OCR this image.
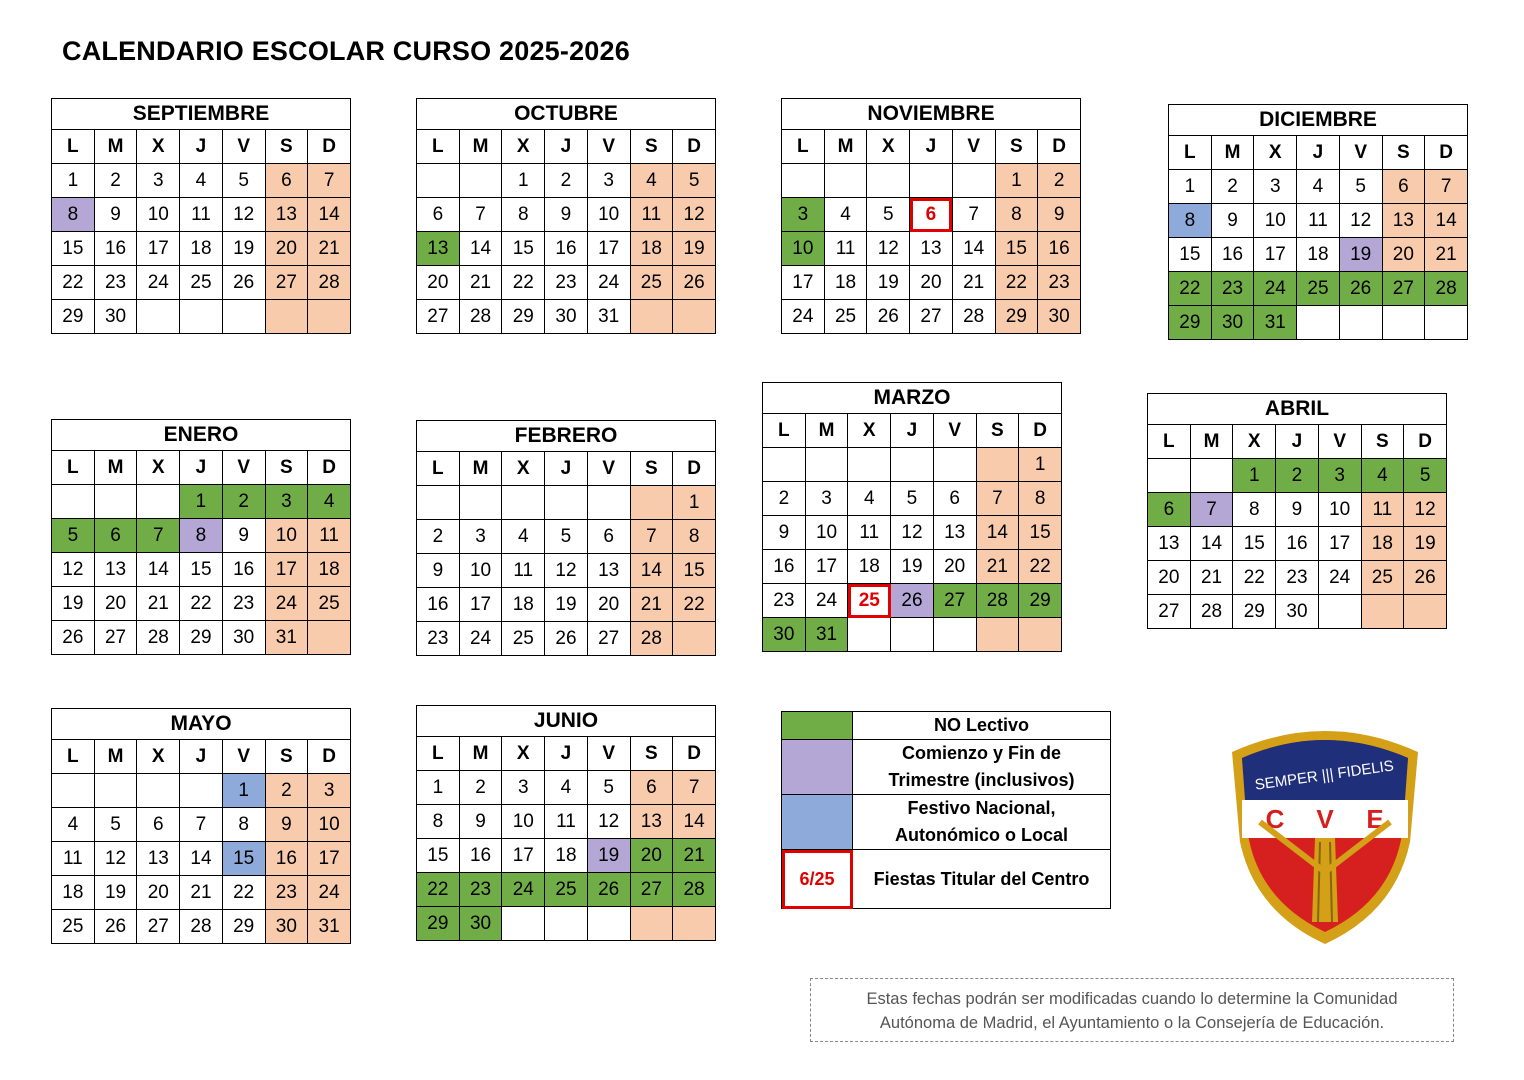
CALENDARIO ESCOLAR CURSO 2025-2026
SEPTIEMBRE						
L	M	X	J	V	S	D
1	2	3	4	5	6	7
8	9	10	11	12	13	14
15	16	17	18	19	20	21
22	23	24	25	26	27	28
29	30					
OCTUBRE						
L	M	X	J	V	S	D
		1	2	3	4	5
6	7	8	9	10	11	12
13	14	15	16	17	18	19
20	21	22	23	24	25	26
27	28	29	30	31		
NOVIEMBRE						
L	M	X	J	V	S	D
					1	2
3	4	5	6	7	8	9
10	11	12	13	14	15	16
17	18	19	20	21	22	23
24	25	26	27	28	29	30
DICIEMBRE						
L	M	X	J	V	S	D
1	2	3	4	5	6	7
8	9	10	11	12	13	14
15	16	17	18	19	20	21
22	23	24	25	26	27	28
29	30	31				
ENERO						
L	M	X	J	V	S	D
			1	2	3	4
5	6	7	8	9	10	11
12	13	14	15	16	17	18
19	20	21	22	23	24	25
26	27	28	29	30	31	
FEBRERO						
L	M	X	J	V	S	D
						1
2	3	4	5	6	7	8
9	10	11	12	13	14	15
16	17	18	19	20	21	22
23	24	25	26	27	28	
MARZO						
L	M	X	J	V	S	D
						1
2	3	4	5	6	7	8
9	10	11	12	13	14	15
16	17	18	19	20	21	22
23	24	25	26	27	28	29
30	31					
ABRIL						
L	M	X	J	V	S	D
		1	2	3	4	5
6	7	8	9	10	11	12
13	14	15	16	17	18	19
20	21	22	23	24	25	26
27	28	29	30			
MAYO						
L	M	X	J	V	S	D
				1	2	3
4	5	6	7	8	9	10
11	12	13	14	15	16	17
18	19	20	21	22	23	24
25	26	27	28	29	30	31
JUNIO						
L	M	X	J	V	S	D
1	2	3	4	5	6	7
8	9	10	11	12	13	14
15	16	17	18	19	20	21
22	23	24	25	26	27	28
29	30					
	NO Lectivo
	Comienzo y Fin de
Trimestre (inclusivos)
	Festivo Nacional,
Autonómico o Local
6/25	Fiestas Titular del Centro
SEMPER ||| FIDELIS
C V E
Estas fechas podrán ser modificadas cuando lo determine la Comunidad
Autónoma de Madrid, el Ayuntamiento o la Consejería de Educación.
